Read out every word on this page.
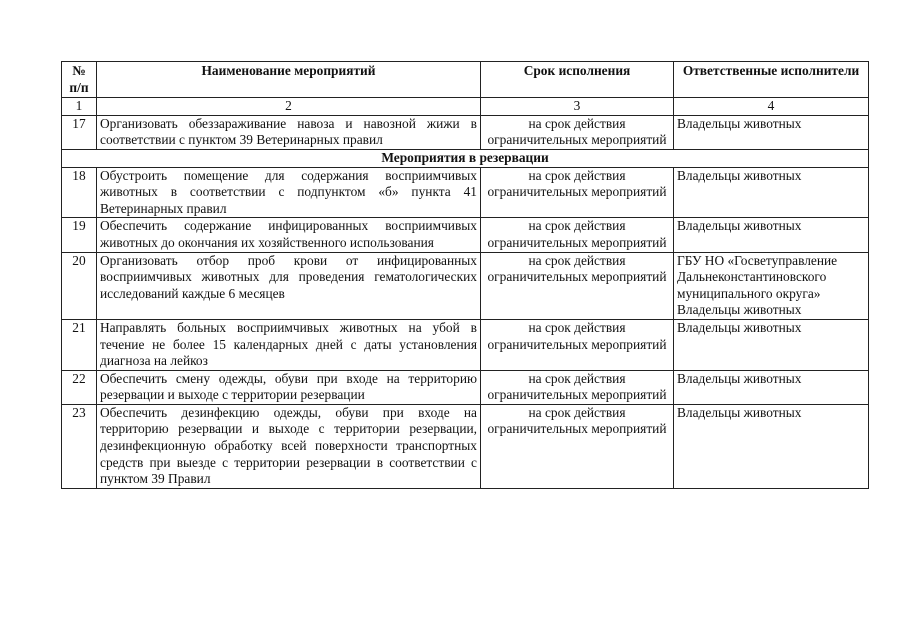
№ п/п	Наименование мероприятий	Срок исполнения	Ответственные исполнители
1	2	3	4
17	Организовать обеззараживание навоза и навозной жижи в соответствии с пунктом 39 Ветеринарных правил	на срок действия ограничительных мероприятий	Владельцы животных
Мероприятия в резервации			
18	Обустроить помещение для содержания восприимчивых животных в соответствии с подпунктом «б» пункта 41 Ветеринарных правил	на срок действия ограничительных мероприятий	Владельцы животных
19	Обеспечить содержание инфицированных восприимчивых животных до окончания их хозяйственного использования	на срок действия ограничительных мероприятий	Владельцы животных
20	Организовать отбор проб крови от инфицированных восприимчивых животных для проведения гематологических исследований каждые 6 месяцев	на срок действия ограничительных мероприятий	ГБУ НО «Госветуправление Дальнеконстантиновского муниципального округа» Владельцы животных
21	Направлять больных восприимчивых животных на убой в течение не более 15 календарных дней с даты установления диагноза на лейкоз	на срок действия ограничительных мероприятий	Владельцы животных
22	Обеспечить смену одежды, обуви при входе на территорию резервации и выходе с территории резервации	на срок действия ограничительных мероприятий	Владельцы животных
23	Обеспечить дезинфекцию одежды, обуви при входе на территорию резервации и выходе с территории резервации, дезинфекционную обработку всей поверхности транспортных средств при выезде с территории резервации в соответствии с пунктом 39 Правил	на срок действия ограничительных мероприятий	Владельцы животных
